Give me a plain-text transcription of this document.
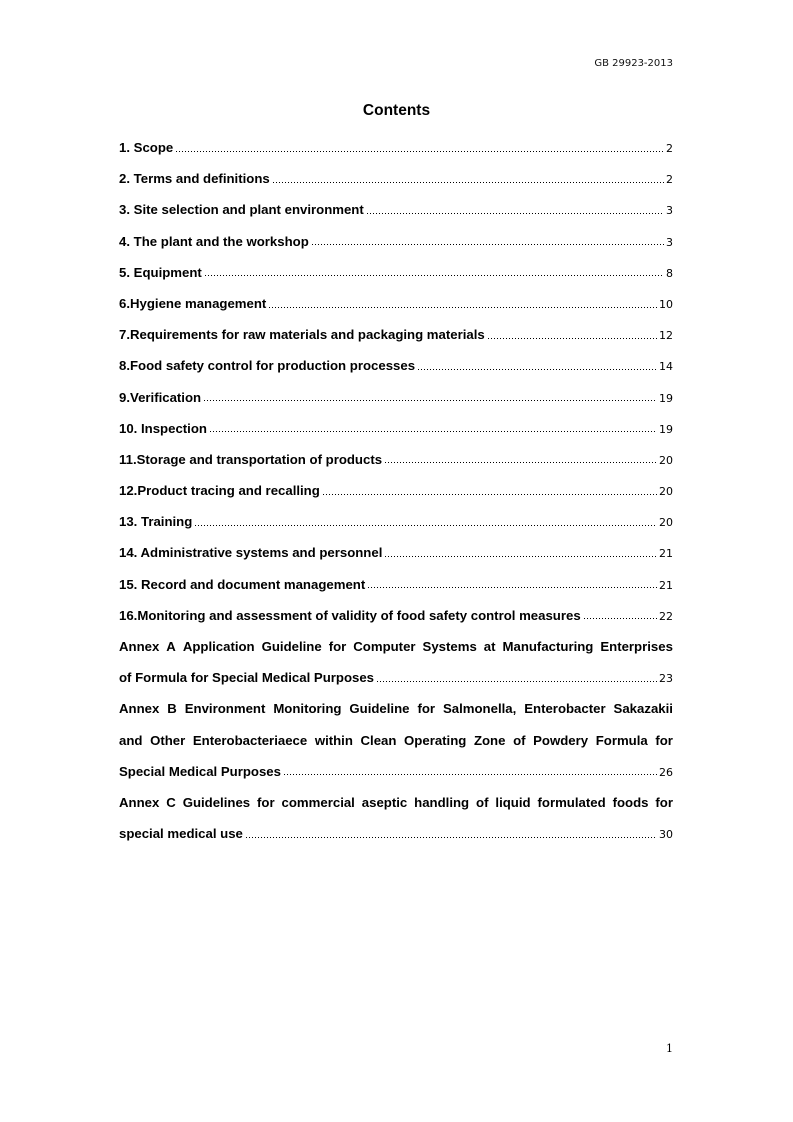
GB 29923-2013
Contents
1. Scope	2
2. Terms and definitions	2
3. Site selection and plant environment	3
4. The plant and the workshop	3
5. Equipment	8
6.Hygiene management	10
7.Requirements for raw materials and packaging materials	12
8.Food safety control for production processes	14
9.Verification	19
10. Inspection	19
11.Storage and transportation of products	20
12.Product tracing and recalling	20
13. Training	20
14. Administrative systems and personnel	21
15. Record and document management	21
16.Monitoring and assessment of validity of food safety control measures	22
Annex A Application Guideline for Computer Systems at Manufacturing Enterprises
of Formula for Special Medical Purposes	23
Annex B Environment Monitoring Guideline for Salmonella, Enterobacter Sakazakii
and Other Enterobacteriaece within Clean Operating Zone of Powdery Formula for
Special Medical Purposes	26
Annex C Guidelines for commercial aseptic handling of liquid formulated foods for
special medical use	30
1
